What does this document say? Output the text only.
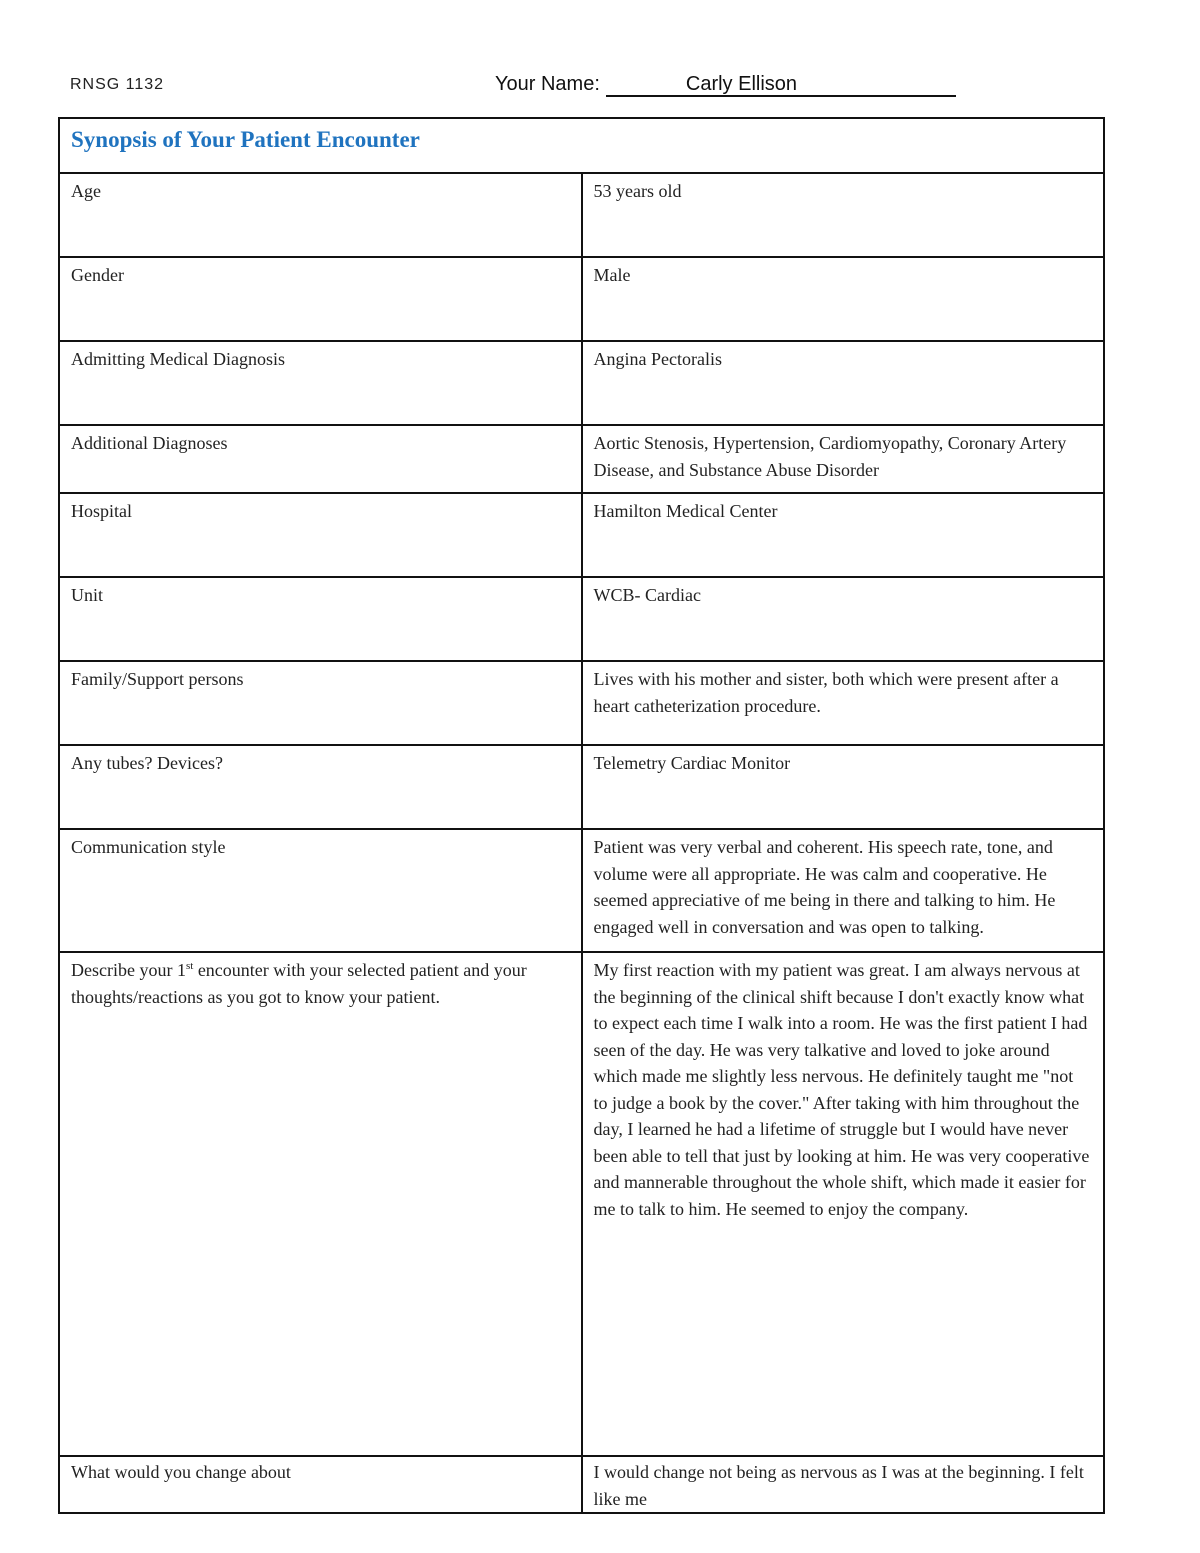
RNSG 1132	Your Name:	Carly Ellison
Synopsis of Your Patient Encounter	

Age	53 years old
Gender	Male
Admitting Medical Diagnosis	Angina Pectoralis
Additional Diagnoses	Aortic Stenosis, Hypertension, Cardiomyopathy, Coronary Artery Disease, and Substance Abuse Disorder
Hospital	Hamilton Medical Center
Unit	WCB- Cardiac
Family/Support persons	Lives with his mother and sister, both which were present after a heart catheterization procedure.
Any tubes? Devices?	Telemetry Cardiac Monitor
Communication style	Patient was very verbal and coherent. His speech rate, tone, and volume were all appropriate. He was calm and cooperative. He seemed appreciative of me being in there and talking to him. He engaged well in conversation and was open to talking.
Describe your 1st encounter with your selected patient and your thoughts/reactions as you got to know your patient.	My first reaction with my patient was great. I am always nervous at the beginning of the clinical shift because I don't exactly know what to expect each time I walk into a room. He was the first patient I had seen of the day. He was very talkative and loved to joke around which made me slightly less nervous. He definitely taught me "not to judge a book by the cover." After taking with him throughout the day, I learned he had a lifetime of struggle but I would have never been able to tell that just by looking at him. He was very cooperative and mannerable throughout the whole shift, which made it easier for me to talk to him. He seemed to enjoy the company.
What would you change about	I would change not being as nervous as I was at the beginning. I felt like me
